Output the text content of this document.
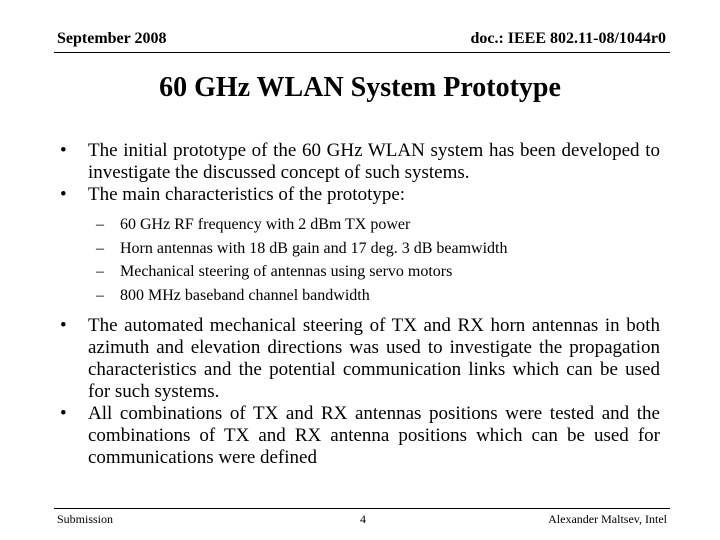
September 2008	doc.: IEEE 802.11-08/1044r0
60 GHz WLAN System Prototype
• The initial prototype of the 60 GHz WLAN system has been developed to investigate the discussed concept of such systems.
• The main characteristics of the prototype:
– 60 GHz RF frequency with 2 dBm TX power
– Horn antennas with 18 dB gain and 17 deg. 3 dB beamwidth
– Mechanical steering of antennas using servo motors
– 800 MHz baseband channel bandwidth
• The automated mechanical steering of TX and RX horn antennas in both azimuth and elevation directions was used to investigate the propagation characteristics and the potential communication links which can be used for such systems.
• All combinations of TX and RX antennas positions were tested and the combinations of TX and RX antenna positions which can be used for communications were defined
Submission	4	Alexander Maltsev, Intel
